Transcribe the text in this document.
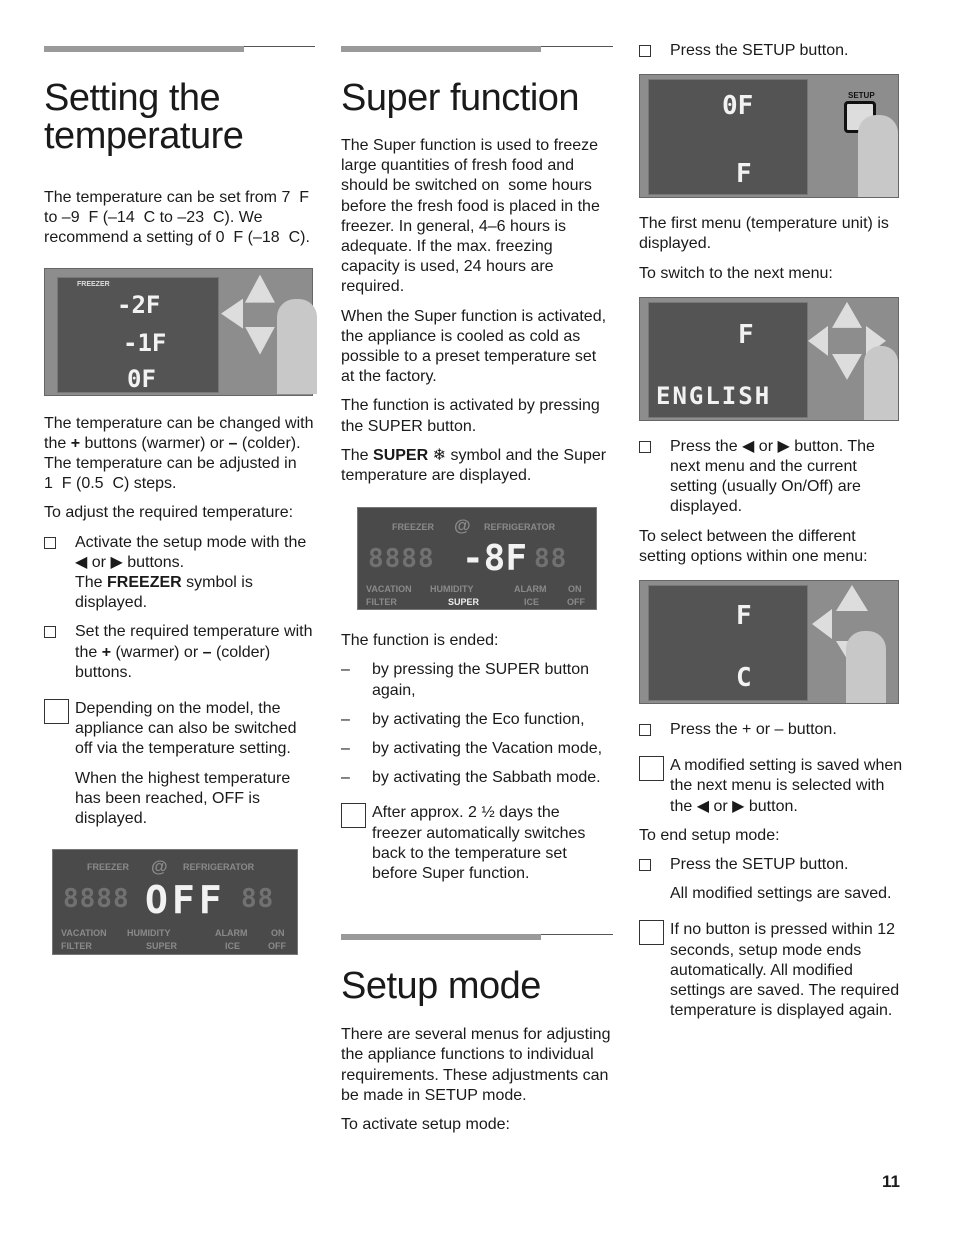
Setting the
temperature

The temperature can be set from 7  F to –9  F (–14  C to –23  C). We recommend a setting of 0  F (–18  C).

FREEZER
-2F
-1F
0F

The temperature can be changed with the + buttons (warmer) or – (colder). The temperature can be adjusted in 1  F (0.5  C) steps.

To adjust the required temperature:

Activate the setup mode with the ◀ or ▶ buttons.
The FREEZER symbol is displayed.
Set the required temperature with the + (warmer) or – (colder) buttons.
Depending on the model, the appliance can also be switched off via the temperature setting.
When the highest temperature has been reached, OFF is displayed.
FREEZER @ REFRIGERATOR
8888	88
OFF
VACATION HUMIDITY	ALARM	ON
FILTER	SUPER	ICE	OFF
Super function

The Super function is used to freeze large quantities of fresh food and should be switched on  some hours before the fresh food is placed in the freezer. In general, 4–6 hours is adequate. If the max. freezing capacity is used, 24 hours are required.

When the Super function is activated, the appliance is cooled as cold as possible to a preset temperature set at the factory.

The function is activated by pressing the SUPER button.

The SUPER ❄ symbol and the Super temperature are displayed.

FREEZER @ REFRIGERATOR
8888	88
-8F
VACATION HUMIDITY	ALARM ON
FILTER	SUPER	ICE	OFF

The function is ended:

– by pressing the SUPER button again,
– by activating the Eco function,
– by activating the Vacation mode,
– by activating the Sabbath mode.
After approx. 2 ½ days the freezer automatically switches back to the temperature set before Super function.
Setup mode

There are several menus for adjusting the appliance functions to individual requirements. These adjustments can be made in SETUP mode.

To activate setup mode:

Press the SETUP button.
0F
F
SETUP

The first menu (temperature unit) is displayed.

To switch to the next menu:

F
ENGLISH
Press the ◀ or ▶ button. The next menu and the current setting (usually On/Off) are displayed.

To select between the different setting options within one menu:

F
C
Press the + or – button.
A modified setting is saved when the next menu is selected with the ◀ or ▶ button.

To end setup mode:

Press the SETUP button.
All modified settings are saved.
If no button is pressed within 12 seconds, setup mode ends automatically. All modified settings are saved. The required temperature is displayed again.
11
